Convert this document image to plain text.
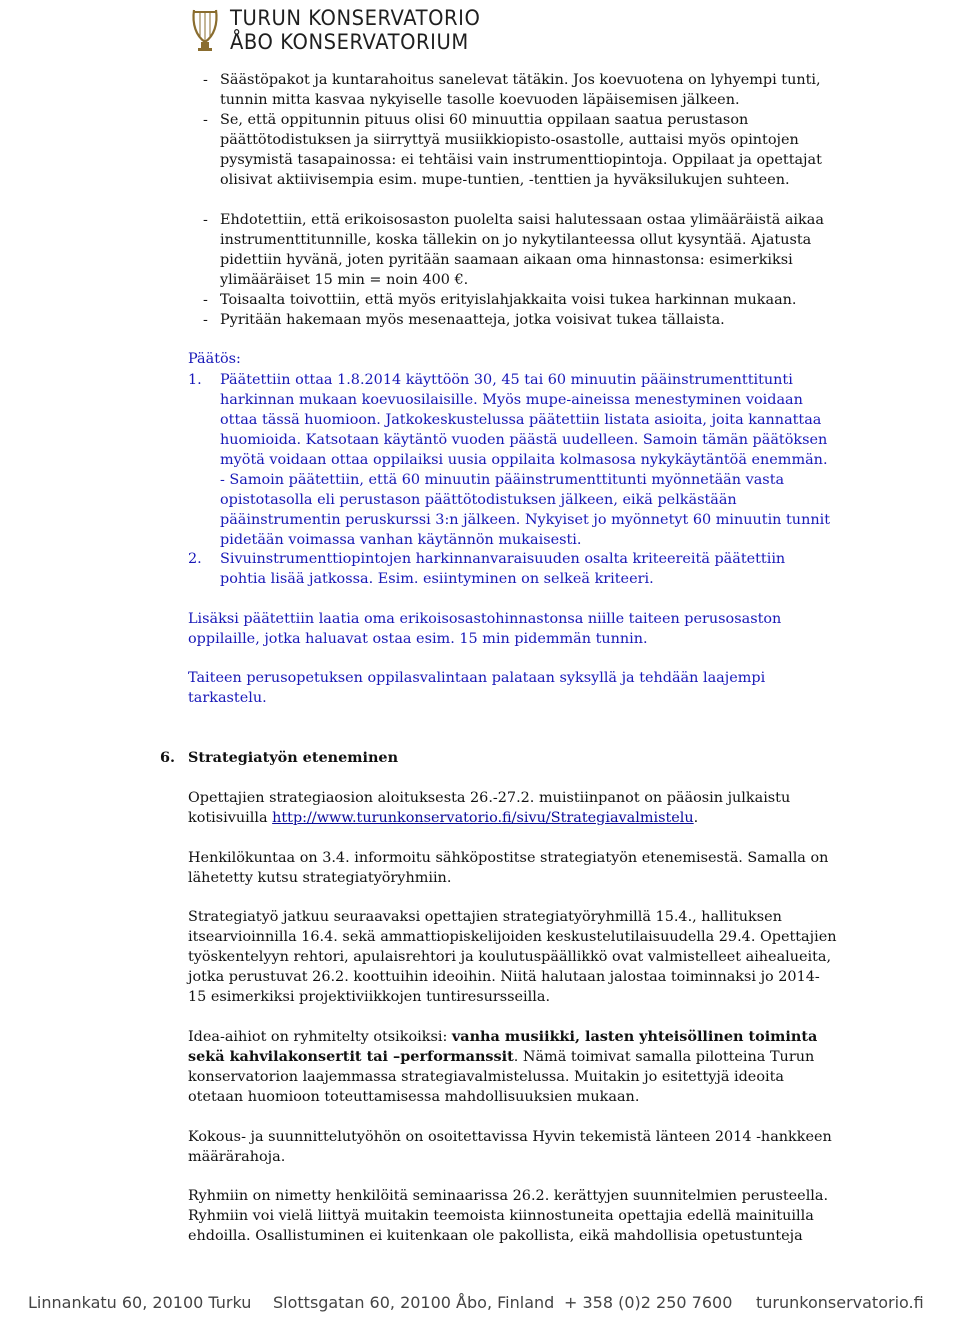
TURUN KONSERVATORIO
ÅBO KONSERVATORIUM
- Säästöpakot ja kuntarahoitus sanelevat tätäkin. Jos koevuotena on lyhyempi tunti, tunnin mitta kasvaa nykyiselle tasolle koevuoden läpäisemisen jälkeen.
- Se, että oppitunnin pituus olisi 60 minuuttia oppilaan saatua perustason päättötodistuksen ja siirryttyä musiikkiopisto-osastolle, auttaisi myös opintojen pysymistä tasapainossa: ei tehtäisi vain instrumenttiopintoja. Oppilaat ja opettajat olisivat aktiivisempia esim. mupe-tuntien, -tenttien ja hyväksilukujen suhteen.
- Ehdotettiin, että erikoisosaston puolelta saisi halutessaan ostaa ylimääräistä aikaa instrumenttitunnille, koska tällekin on jo nykytilanteessa ollut kysyntää. Ajatusta pidettiin hyvänä, joten pyritään saamaan aikaan oma hinnastonsa: esimerkiksi ylimääräiset 15 min = noin 400 €.
- Toisaalta toivottiin, että myös erityislahjakkaita voisi tukea harkinnan mukaan.
- Pyritään hakemaan myös mesenaatteja, jotka voisivat tukea tällaista.
Päätös:
1. Päätettiin ottaa 1.8.2014 käyttöön 30, 45 tai 60 minuutin pääinstrumenttitunti harkinnan mukaan koevuosilaisille. Myös mupe-aineissa menestyminen voidaan ottaa tässä huomioon. Jatkokeskustelussa päätettiin listata asioita, joita kannattaa huomioida. Katsotaan käytäntö vuoden päästä uudelleen. Samoin tämän päätöksen myötä voidaan ottaa oppilaiksi uusia oppilaita kolmasosa nykykäytäntöä enemmän. - Samoin päätettiin, että 60 minuutin pääinstrumenttitunti myönnetään vasta opistotasolla eli perustason päättötodistuksen jälkeen, eikä pelkästään pääinstrumentin peruskurssi 3:n jälkeen. Nykyiset jo myönnetyt 60 minuutin tunnit pidetään voimassa vanhan käytännön mukaisesti.
2. Sivuinstrumenttiopintojen harkinnanvaraisuuden osalta kriteereitä päätettiin pohtia lisää jatkossa. Esim. esiintyminen on selkeä kriteeri.
Lisäksi päätettiin laatia oma erikoisosastohinnastonsa niille taiteen perusosaston oppilaille, jotka haluavat ostaa esim. 15 min pidemmän tunnin.
Taiteen perusopetuksen oppilasvalintaan palataan syksyllä ja tehdään laajempi tarkastelu.
6. Strategiatyön eteneminen
Opettajien strategiaosion aloituksesta 26.-27.2. muistiinpanot on pääosin julkaistu kotisivuilla http://www.turunkonservatorio.fi/sivu/Strategiavalmistelu.
Henkilökuntaa on 3.4. informoitu sähköpostitse strategiatyön etenemisestä. Samalla on lähetetty kutsu strategiatyöryhmiin.
Strategiatyö jatkuu seuraavaksi opettajien strategiatyöryhmillä 15.4., hallituksen itsearvioinnilla 16.4. sekä ammattiopiskelijoiden keskustelutilaisuudella 29.4. Opettajien työskentelyyn rehtori, apulaisrehtori ja koulutuspäällikkö ovat valmistelleet aihealueita, jotka perustuvat 26.2. koottuihin ideoihin. Niitä halutaan jalostaa toiminnaksi jo 2014-15 esimerkiksi projektiviikkojen tuntiresursseilla.
Idea-aihiot on ryhmitelty otsikoiksi: vanha musiikki, lasten yhteisöllinen toiminta sekä kahvilakonsertit tai –performanssit. Nämä toimivat samalla pilotteina Turun konservatorion laajemmassa strategiavalmistelussa. Muitakin jo esitettyjä ideoita otetaan huomioon toteuttamisessa mahdollisuuksien mukaan.
Kokous- ja suunnittelutyöhön on osoitettavissa Hyvin tekemistä länteen 2014 -hankkeen määrärahoja.
Ryhmiin on nimetty henkilöitä seminaarissa 26.2. kerättyjen suunnitelmien perusteella. Ryhmiin voi vielä liittyä muitakin teemoista kiinnostuneita opettajia edellä mainituilla ehdoilla. Osallistuminen ei kuitenkaan ole pakollista, eikä mahdollisia opetustunteja
Linnankatu 60, 20100 Turku Slottsgatan 60, 20100 Åbo, Finland + 358 (0)2 250 7600 turunkonservatorio.fi
